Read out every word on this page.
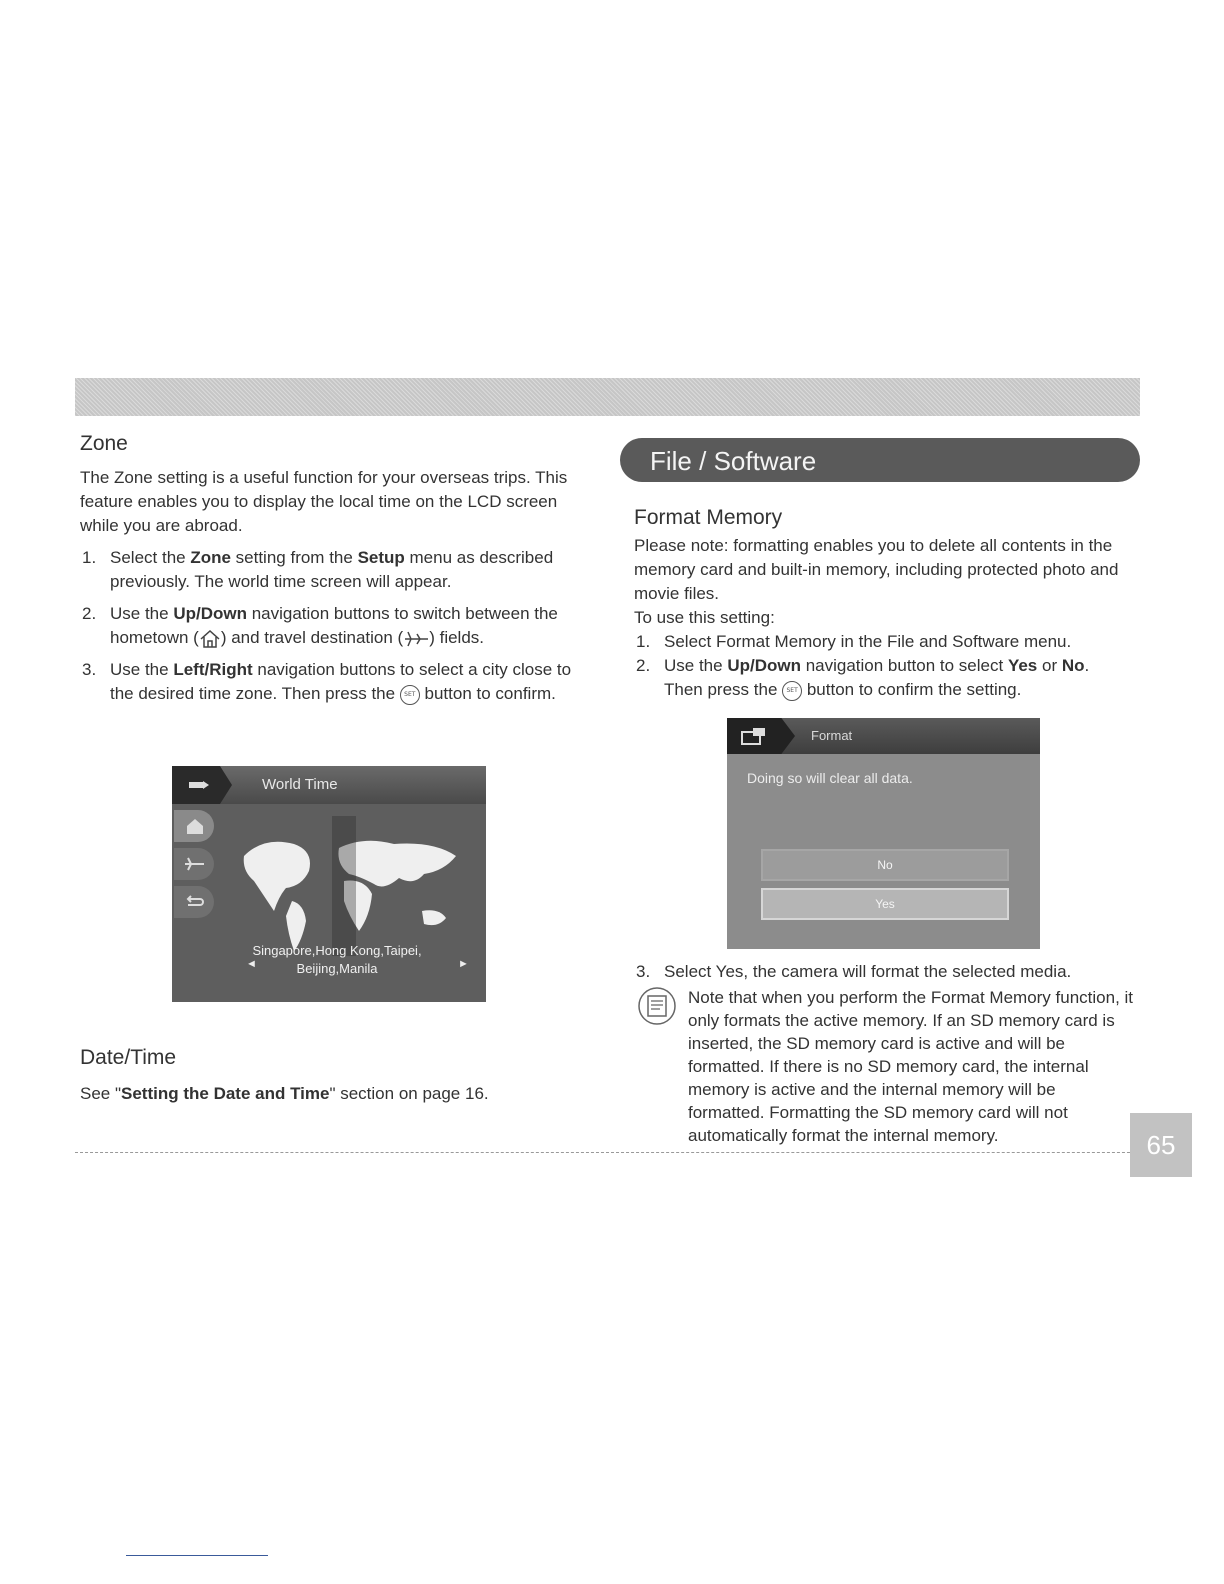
Zone

The Zone setting is a useful function for your overseas trips. This feature enables you to display the local time on the LCD screen while you are abroad.

1. Select the Zone setting from the Setup menu as described previously. The world time screen will appear.
2. Use the Up/Down navigation buttons to switch between the hometown ( ) and travel destination ( ) fields.
3. Use the Left/Right navigation buttons to select a city close to the desired time zone. Then press the SET button to confirm.
Date/Time

See "Setting the Date and Time" section on page 16.

World Time
◄
Singapore,Hong Kong,Taipei,
Beijing,Manila	►
File / Software
Format Memory

Please note: formatting enables you to delete all contents in the memory card and built-in memory, including protected photo and movie files.

To use this setting:

1. Select Format Memory in the File and Software menu.
2. Use the Up/Down navigation button to select Yes or No.
Then press the SET button to confirm the setting.
Format
Doing so will clear all data.
No
Yes
3. Select Yes, the camera will format the selected media.
Note that when you perform the Format Memory function, it only formats the active memory. If an SD memory card is inserted, the SD memory card is active and will be formatted. If there is no SD memory card, the internal memory is active and the internal memory will be formatted. Formatting the SD memory card will not automatically format the internal memory.	65
